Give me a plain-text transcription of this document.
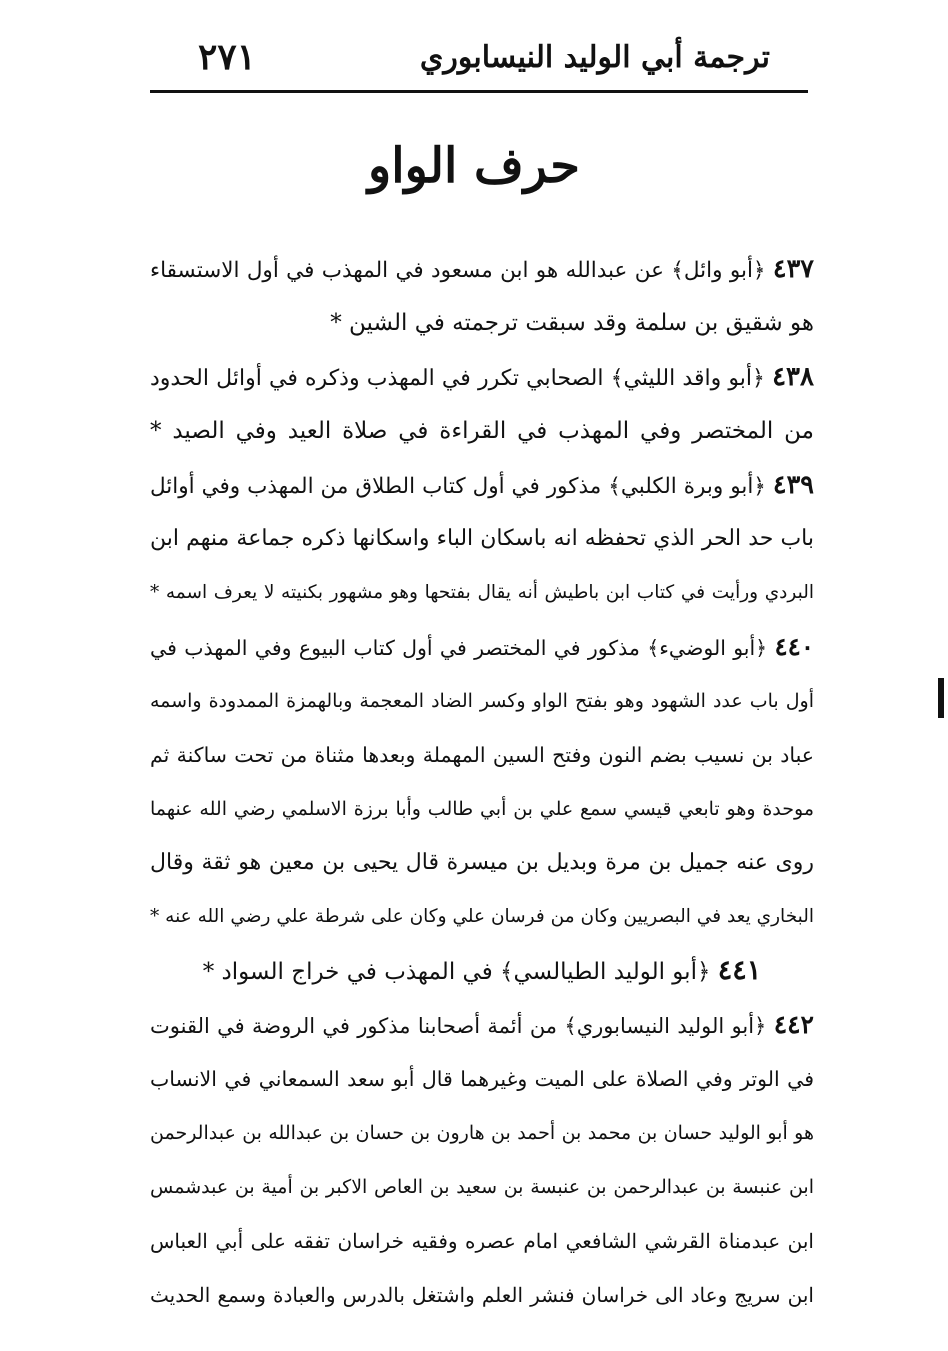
ترجمة أبي الوليد النيسابوري
٢٧١
حرف الواو
٤٣٧ ﴿أبو وائل﴾ عن عبدالله هو ابن مسعود في المهذب في أول الاستسقاء
هو شقيق بن سلمة وقد سبقت ترجمته في الشين *
٤٣٨ ﴿أبو واقد الليثي﴾ الصحابي تكرر في المهذب وذكره في أوائل الحدود
من المختصر وفي المهذب في القراءة في صلاة العيد وفي الصيد *
٤٣٩ ﴿أبو وبرة الكلبي﴾ مذكور في أول كتاب الطلاق من المهذب وفي أوائل
باب حد الحر الذي تحفظه انه باسكان الباء واسكانها ذكره جماعة منهم ابن
البردي ورأيت في كتاب ابن باطيش أنه يقال بفتحها وهو مشهور بكنيته لا يعرف اسمه *
٤٤٠ ﴿أبو الوضيء﴾ مذكور في المختصر في أول كتاب البيوع وفي المهذب في
أول باب عدد الشهود وهو بفتح الواو وكسر الضاد المعجمة وبالهمزة الممدودة واسمه
عباد بن نسيب بضم النون وفتح السين المهملة وبعدها مثناة من تحت ساكنة ثم
موحدة وهو تابعي قيسي سمع علي بن أبي طالب وأبا برزة الاسلمي رضي الله عنهما
روى عنه جميل بن مرة وبديل بن ميسرة قال يحيى بن معين هو ثقة وقال
البخاري يعد في البصريين وكان من فرسان علي وكان على شرطة علي رضي الله عنه *
٤٤١ ﴿أبو الوليد الطيالسي﴾ في المهذب في خراج السواد *
٤٤٢ ﴿أبو الوليد النيسابوري﴾ من أئمة أصحابنا مذكور في الروضة في القنوت
في الوتر وفي الصلاة على الميت وغيرهما قال أبو سعد السمعاني في الانساب
هو أبو الوليد حسان بن محمد بن أحمد بن هارون بن حسان بن عبدالله بن عبدالرحمن
ابن عنبسة بن عبدالرحمن بن عنبسة بن سعيد بن العاص الاكبر بن أمية بن عبدشمس
ابن عبدمناة القرشي الشافعي امام عصره وفقيه خراسان تفقه على أبي العباس
ابن سريج وعاد الى خراسان فنشر العلم واشتغل بالدرس والعبادة وسمع الحديث
